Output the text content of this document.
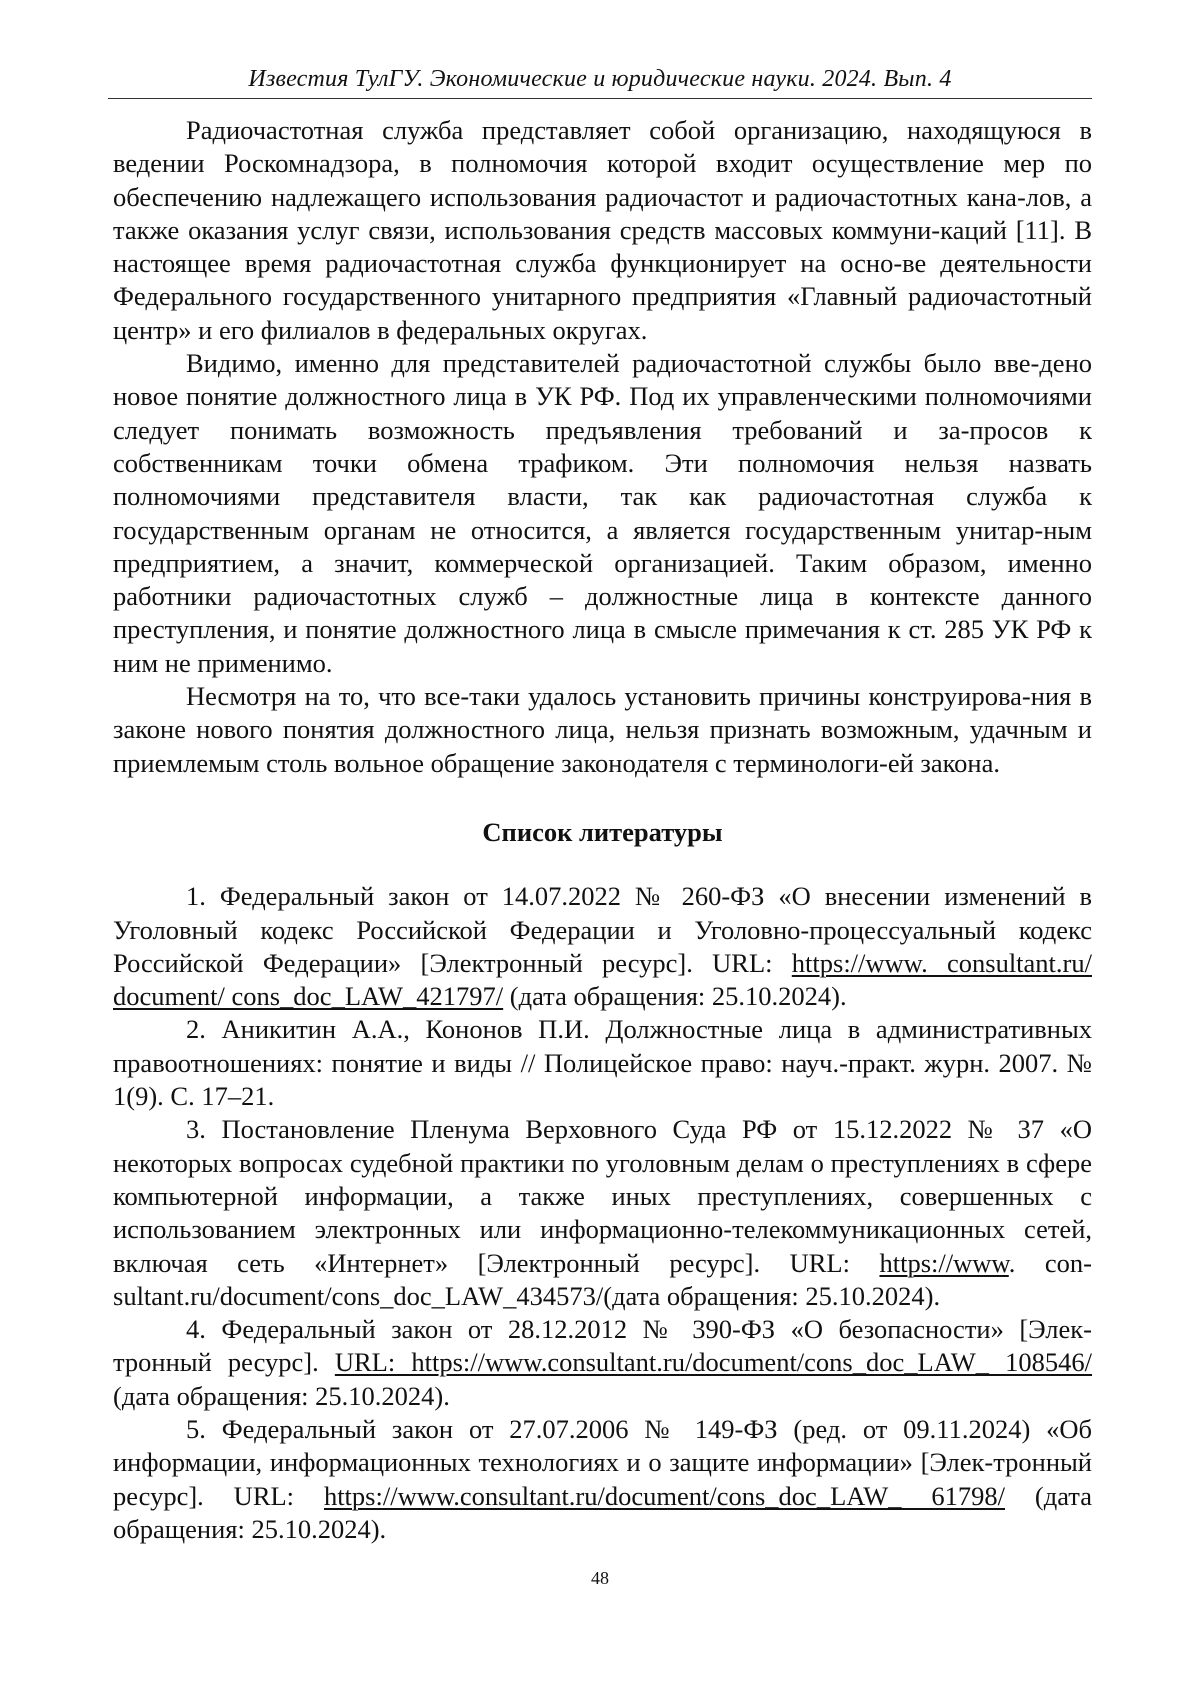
Известия ТулГУ. Экономические и юридические науки. 2024. Вып. 4

Радиочастотная служба представляет собой организацию, находящуюся в ведении Роскомнадзора, в полномочия которой входит осуществление мер по обеспечению надлежащего использования радиочастот и радиочастотных кана-лов, а также оказания услуг связи, использования средств массовых коммуни-каций [11]. В настоящее время радиочастотная служба функционирует на осно-ве деятельности Федерального государственного унитарного предприятия «Главный радиочастотный центр» и его филиалов в федеральных округах.

Видимо, именно для представителей радиочастотной службы было вве-дено новое понятие должностного лица в УК РФ. Под их управленческими полномочиями следует понимать возможность предъявления требований и за-просов к собственникам точки обмена трафиком. Эти полномочия нельзя назвать полномочиями представителя власти, так как радиочастотная служба к государственным органам не относится, а является государственным унитар-ным предприятием, а значит, коммерческой организацией. Таким образом, именно работники радиочастотных служб – должностные лица в контексте данного преступления, и понятие должностного лица в смысле примечания к ст. 285 УК РФ к ним не применимо.

Несмотря на то, что все-таки удалось установить причины конструирова-ния в законе нового понятия должностного лица, нельзя признать возможным, удачным и приемлемым столь вольное обращение законодателя с терминологи-ей закона.

Список литературы

1. Федеральный закон от 14.07.2022 № 260-ФЗ «О внесении изменений в Уголовный кодекс Российской Федерации и Уголовно-процессуальный кодекс Российской Федерации» [Электронный ресурс]. URL: https://www. consultant.ru/ document/ cons_doc_LAW_421797/ (дата обращения: 25.10.2024).

2. Аникитин А.А., Кононов П.И. Должностные лица в административных правоотношениях: понятие и виды // Полицейское право: науч.-практ. журн. 2007. № 1(9). С. 17–21.

3. Постановление Пленума Верховного Суда РФ от 15.12.2022 № 37 «О некоторых вопросах судебной практики по уголовным делам о преступлениях в сфере компьютерной информации, а также иных преступлениях, совершенных с использованием электронных или информационно-телекоммуникационных сетей, включая сеть «Интернет» [Электронный ресурс]. URL: https://www. con-sultant.ru/document/cons_doc_LAW_434573/(дата обращения: 25.10.2024).

4. Федеральный закон от 28.12.2012 № 390-ФЗ «О безопасности» [Элек-тронный ресурс]. URL: https://www.consultant.ru/document/cons_doc_LAW_ 108546/ (дата обращения: 25.10.2024).

5. Федеральный закон от 27.07.2006 № 149-ФЗ (ред. от 09.11.2024) «Об информации, информационных технологиях и о защите информации» [Элек-тронный ресурс]. URL: https://www.consultant.ru/document/cons_doc_LAW_ 61798/ (дата обращения: 25.10.2024).

48
